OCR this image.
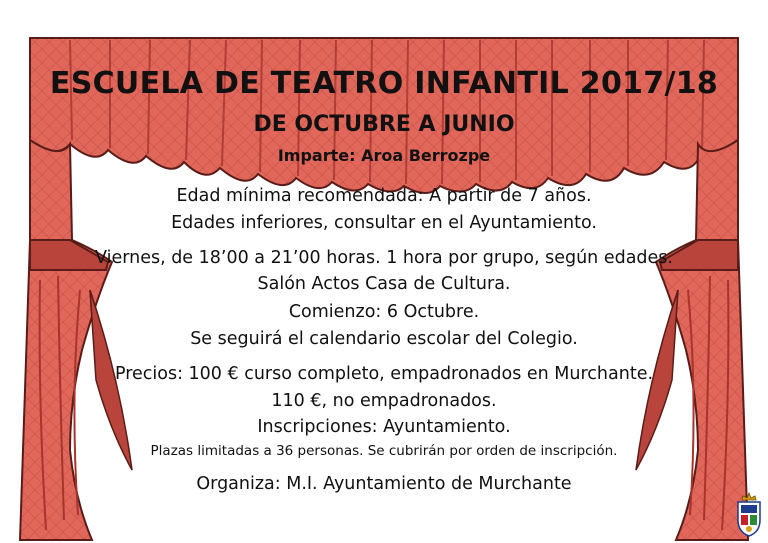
ESCUELA DE TEATRO INFANTIL 2017/18
DE OCTUBRE A JUNIO
Imparte: Aroa Berrozpe
Edad mínima recomendada: A partir de 7 años.
Edades inferiores, consultar en el Ayuntamiento.
Viernes, de 18’00 a 21’00 horas. 1 hora por grupo, según edades.
Salón Actos Casa de Cultura.
Comienzo: 6 Octubre.
Se seguirá el calendario escolar del Colegio.
Precios: 100 € curso completo, empadronados en Murchante.
110 €, no empadronados.
Inscripciones: Ayuntamiento.
Plazas limitadas a 36 personas. Se cubrirán por orden de inscripción.
Organiza: M.I. Ayuntamiento de Murchante
